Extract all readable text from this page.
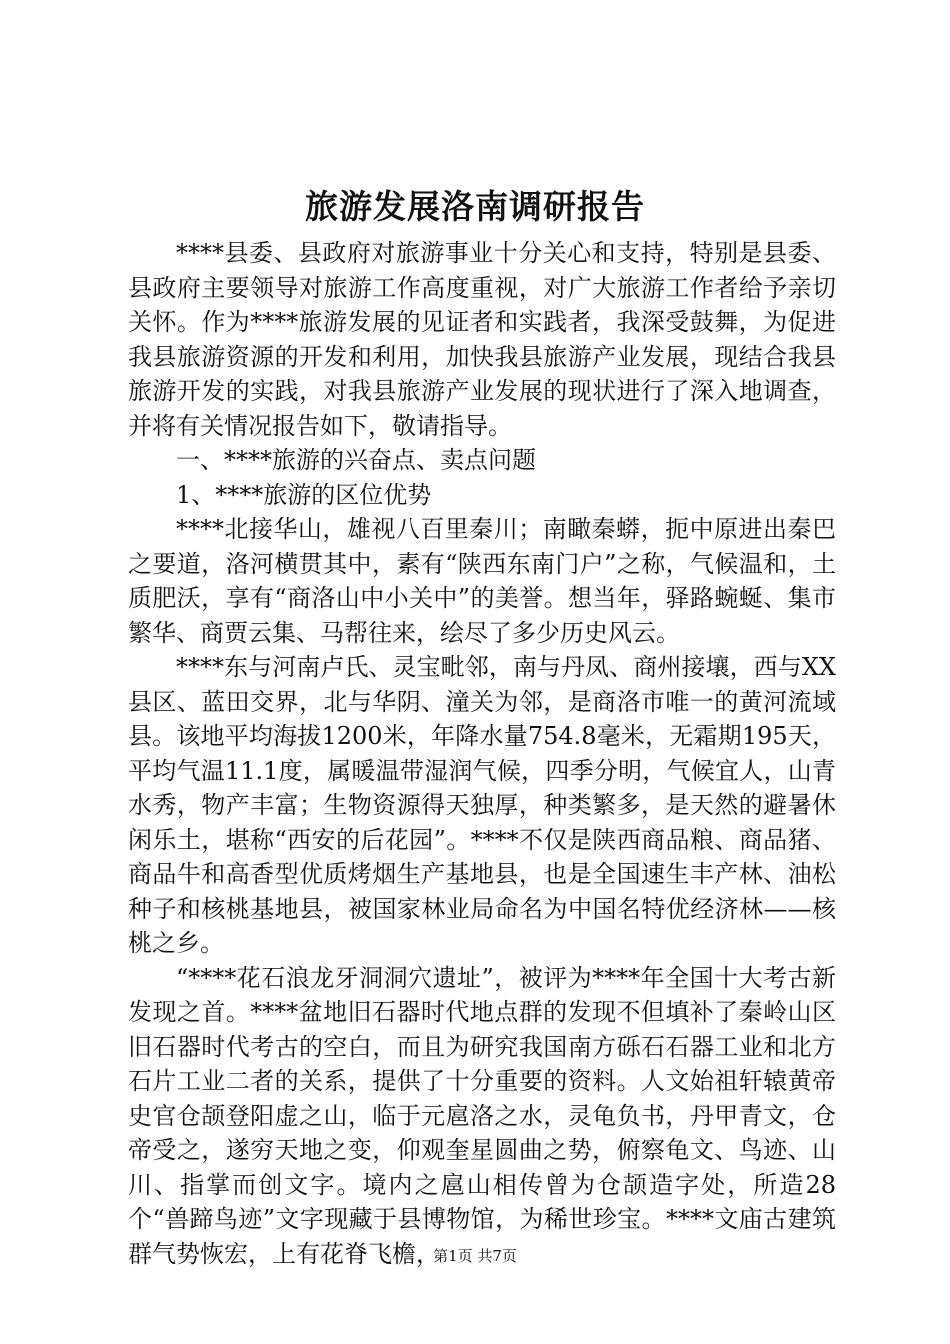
旅游发展洛南调研报告

****县委、县政府对旅游事业十分关心和支持，特别是县委、县政府主要领导对旅游工作高度重视，对广大旅游工作者给予亲切关怀。作为****旅游发展的见证者和实践者，我深受鼓舞，为促进我县旅游资源的开发和利用，加快我县旅游产业发展，现结合我县旅游开发的实践，对我县旅游产业发展的现状进行了深入地调查，并将有关情况报告如下，敬请指导。

一、****旅游的兴奋点、卖点问题

1、****旅游的区位优势

****北接华山，雄视八百里秦川；南瞰秦蟒，扼中原进出秦巴之要道，洛河横贯其中，素有“陕西东南门户”之称，气候温和，土质肥沃，享有“商洛山中小关中”的美誉。想当年，驿路蜿蜒、集市繁华、商贾云集、马帮往来，绘尽了多少历史风云。

****东与河南卢氏、灵宝毗邻，南与丹凤、商州接壤，西与XX县区、蓝田交界，北与华阴、潼关为邻，是商洛市唯一的黄河流域县。该地平均海拔1200米，年降水量754.8毫米，无霜期195天，平均气温11.1度，属暖温带湿润气候，四季分明，气候宜人，山青水秀，物产丰富；生物资源得天独厚，种类繁多，是天然的避暑休闲乐土，堪称“西安的后花园”。****不仅是陕西商品粮、商品猪、商品牛和高香型优质烤烟生产基地县，也是全国速生丰产林、油松种子和核桃基地县，被国家林业局命名为中国名特优经济林——核桃之乡。

“****花石浪龙牙洞洞穴遗址”，被评为****年全国十大考古新发现之首。****盆地旧石器时代地点群的发现不但填补了秦岭山区旧石器时代考古的空白，而且为研究我国南方砾石石器工业和北方石片工业二者的关系，提供了十分重要的资料。人文始祖轩辕黄帝史官仓颉登阳虚之山，临于元扈洛之水，灵龟负书，丹甲青文，仓帝受之，遂穷天地之变，仰观奎星圆曲之势，俯察龟文、鸟迹、山川、指掌而创文字。境内之扈山相传曾为仓颉造字处，所造28个“兽蹄鸟迹”文字现藏于县博物馆，为稀世珍宝。****文庙古建筑群气势恢宏，上有花脊飞檐，

第1页 共7页
